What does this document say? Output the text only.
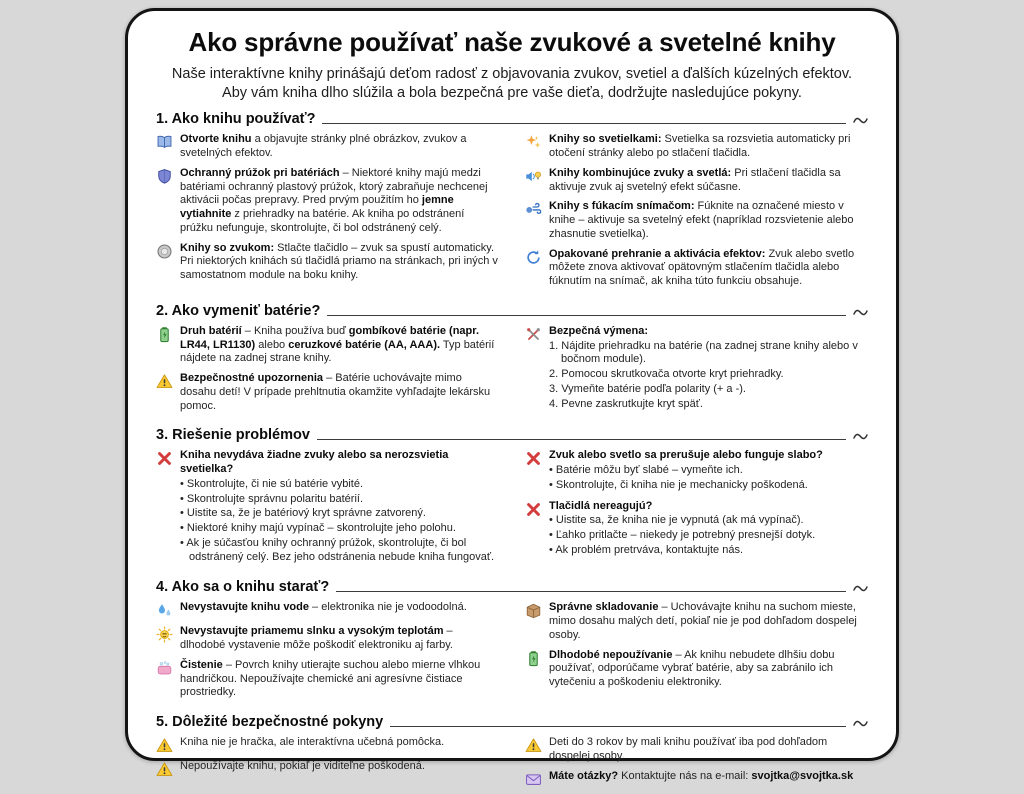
Ako správne používať naše zvukové a svetelné knihy

Naše interaktívne knihy prinášajú deťom radosť z objavovania zvukov, svetiel a ďalších kúzelných efektov.
Aby vám kniha dlho slúžila a bola bezpečná pre vaše dieťa, dodržujte nasledujúce pokyny.

1. Ako knihu používať?

Otvorte knihu a objavujte stránky plné obrázkov, zvukov a svetelných efektov.

Ochranný prúžok pri batériách – Niektoré knihy majú medzi batériami ochranný plastový prúžok, ktorý zabraňuje nechcenej aktivácii počas prepravy. Pred prvým použitím ho jemne vytiahnite z priehradky na batérie. Ak kniha po odstránení prúžku nefunguje, skontrolujte, či bol odstránený celý.

Knihy so zvukom: Stlačte tlačidlo – zvuk sa spustí automaticky. Pri niektorých knihách sú tlačidlá priamo na stránkach, pri iných v samostatnom module na boku knihy.

Knihy so svetielkami: Svetielka sa rozsvietia automaticky pri otočení stránky alebo po stlačení tlačidla.

Knihy kombinujúce zvuky a svetlá: Pri stlačení tlačidla sa aktivuje zvuk aj svetelný efekt súčasne.

Knihy s fúkacím snímačom: Fúknite na označené miesto v knihe – aktivuje sa svetelný efekt (napríklad rozsvietenie alebo zhasnutie svetielka).

Opakované prehranie a aktivácia efektov: Zvuk alebo svetlo môžete znova aktivovať opätovným stlačením tlačidla alebo fúknutím na snímač, ak kniha túto funkciu obsahuje.

2. Ako vymeniť batérie?

Druh batérií – Kniha používa buď gombíkové batérie (napr. LR44, LR1130) alebo ceruzkové batérie (AA, AAA). Typ batérií nájdete na zadnej strane knihy.

Bezpečnostné upozornenia – Batérie uchovávajte mimo dosahu detí! V prípade prehltnutia okamžite vyhľadajte lekársku pomoc.

Bezpečná výmena:

Nájdite priehradku na batérie (na zadnej strane knihy alebo v bočnom module).
Pomocou skrutkovača otvorte kryt priehradky.
Vymeňte batérie podľa polarity (+ a -).
Pevne zaskrutkujte kryt späť.
3. Riešenie problémov

Kniha nevydáva žiadne zvuky alebo sa nerozsvietia svetielka?

• Skontrolujte, či nie sú batérie vybité.
• Skontrolujte správnu polaritu batérií.
• Uistite sa, že je batériový kryt správne zatvorený.
• Niektoré knihy majú vypínač – skontrolujte jeho polohu.
• Ak je súčasťou knihy ochranný prúžok, skontrolujte, či bol odstránený celý. Bez jeho odstránenia nebude kniha fungovať.

Zvuk alebo svetlo sa prerušuje alebo funguje slabo?

• Batérie môžu byť slabé – vymeňte ich.
• Skontrolujte, či kniha nie je mechanicky poškodená.

Tlačidlá nereagujú?

• Uistite sa, že kniha nie je vypnutá (ak má vypínač).
• Ľahko pritlačte – niekedy je potrebný presnejší dotyk.
• Ak problém pretrváva, kontaktujte nás.
4. Ako sa o knihu starať?

Nevystavujte knihu vode – elektronika nie je vodoodolná.

Nevystavujte priamemu slnku a vysokým teplotám – dlhodobé vystavenie môže poškodiť elektroniku aj farby.

Čistenie – Povrch knihy utierajte suchou alebo mierne vlhkou handričkou. Nepoužívajte chemické ani agresívne čistiace prostriedky.

Správne skladovanie – Uchovávajte knihu na suchom mieste, mimo dosahu malých detí, pokiaľ nie je pod dohľadom dospelej osoby.

Dlhodobé nepoužívanie – Ak knihu nebudete dlhšiu dobu používať, odporúčame vybrať batérie, aby sa zabránilo ich vytečeniu a poškodeniu elektroniky.

5. Dôležité bezpečnostné pokyny

Kniha nie je hračka, ale interaktívna učebná pomôcka.

Nepoužívajte knihu, pokiaľ je viditeľne poškodená.

Deti do 3 rokov by mali knihu používať iba pod dohľadom dospelej osoby.

Máte otázky? Kontaktujte nás na e-mail: svojtka@svojtka.sk
